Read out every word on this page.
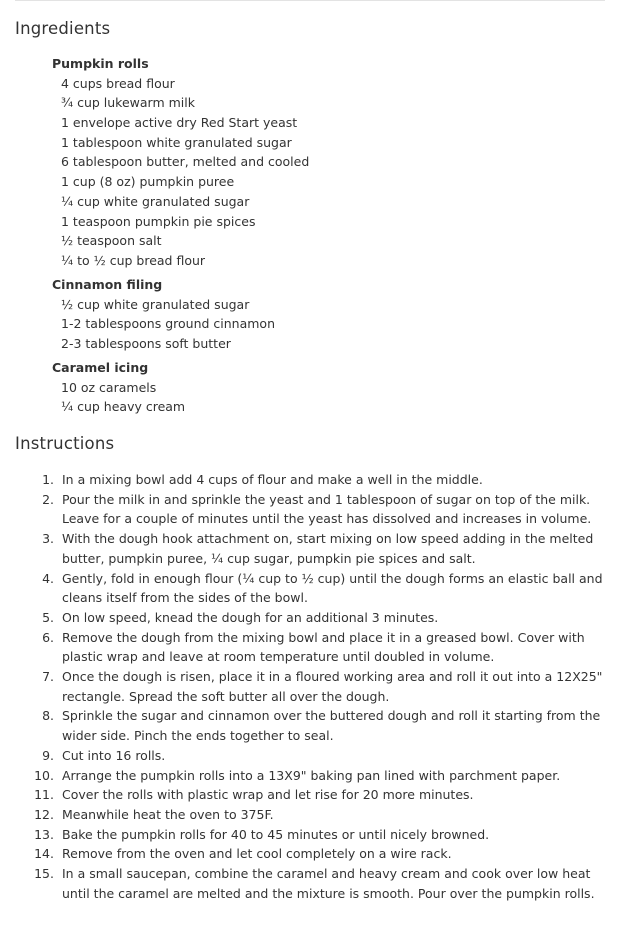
Ingredients
Pumpkin rolls
4 cups bread flour
¾ cup lukewarm milk
1 envelope active dry Red Start yeast
1 tablespoon white granulated sugar
6 tablespoon butter, melted and cooled
1 cup (8 oz) pumpkin puree
¼ cup white granulated sugar
1 teaspoon pumpkin pie spices
½ teaspoon salt
¼ to ½ cup bread flour
Cinnamon filing
½ cup white granulated sugar
1-2 tablespoons ground cinnamon
2-3 tablespoons soft butter
Caramel icing
10 oz caramels
¼ cup heavy cream
Instructions
1. In a mixing bowl add 4 cups of flour and make a well in the middle.
2. Pour the milk in and sprinkle the yeast and 1 tablespoon of sugar on top of the milk. Leave for a couple of minutes until the yeast has dissolved and increases in volume.
3. With the dough hook attachment on, start mixing on low speed adding in the melted butter, pumpkin puree, ¼ cup sugar, pumpkin pie spices and salt.
4. Gently, fold in enough flour (¼ cup to ½ cup) until the dough forms an elastic ball and cleans itself from the sides of the bowl.
5. On low speed, knead the dough for an additional 3 minutes.
6. Remove the dough from the mixing bowl and place it in a greased bowl. Cover with plastic wrap and leave at room temperature until doubled in volume.
7. Once the dough is risen, place it in a floured working area and roll it out into a 12X25" rectangle. Spread the soft butter all over the dough.
8. Sprinkle the sugar and cinnamon over the buttered dough and roll it starting from the wider side. Pinch the ends together to seal.
9. Cut into 16 rolls.
10. Arrange the pumpkin rolls into a 13X9" baking pan lined with parchment paper.
11. Cover the rolls with plastic wrap and let rise for 20 more minutes.
12. Meanwhile heat the oven to 375F.
13. Bake the pumpkin rolls for 40 to 45 minutes or until nicely browned.
14. Remove from the oven and let cool completely on a wire rack.
15. In a small saucepan, combine the caramel and heavy cream and cook over low heat until the caramel are melted and the mixture is smooth. Pour over the pumpkin rolls.
